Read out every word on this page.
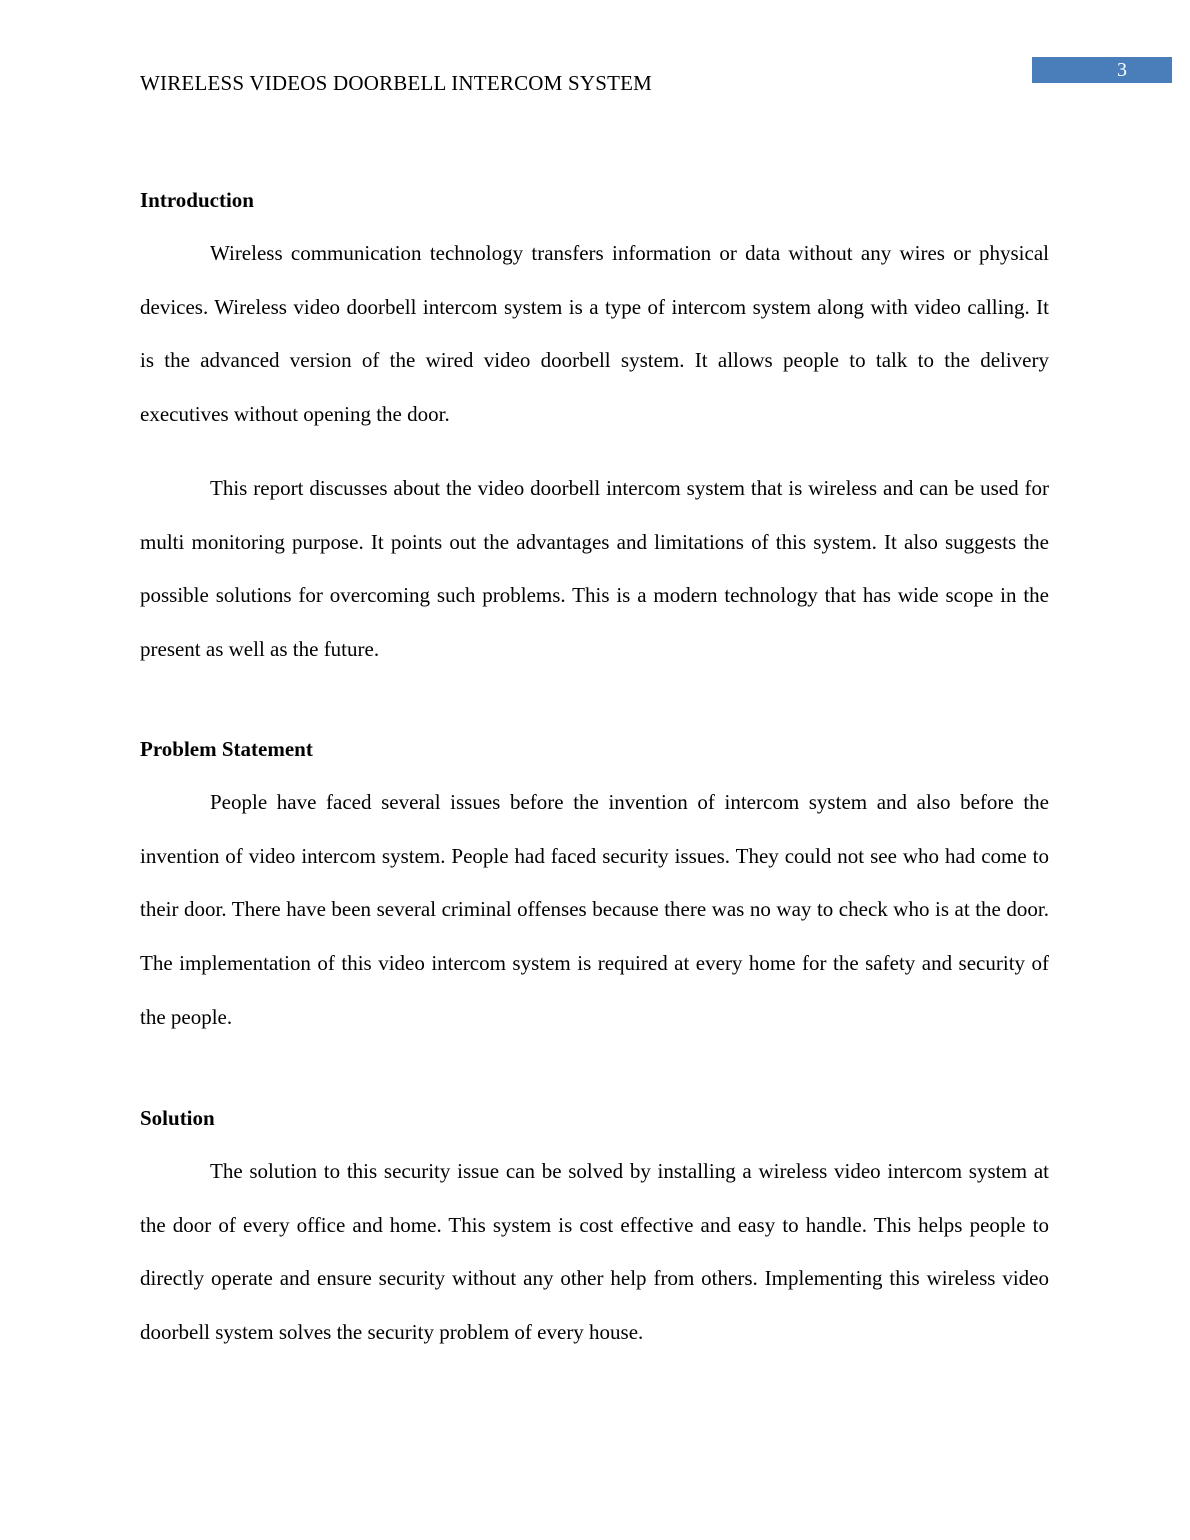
WIRELESS VIDEOS DOORBELL INTERCOM SYSTEM
3

Introduction

Wireless communication technology transfers information or data without any wires or physical devices. Wireless video doorbell intercom system is a type of intercom system along with video calling. It is the advanced version of the wired video doorbell system. It allows people to talk to the delivery executives without opening the door.

This report discusses about the video doorbell intercom system that is wireless and can be used for multi monitoring purpose. It points out the advantages and limitations of this system. It also suggests the possible solutions for overcoming such problems. This is a modern technology that has wide scope in the present as well as the future.

Problem Statement

People have faced several issues before the invention of intercom system and also before the invention of video intercom system. People had faced security issues. They could not see who had come to their door. There have been several criminal offenses because there was no way to check who is at the door. The implementation of this video intercom system is required at every home for the safety and security of the people.

Solution

The solution to this security issue can be solved by installing a wireless video intercom system at the door of every office and home. This system is cost effective and easy to handle. This helps people to directly operate and ensure security without any other help from others. Implementing this wireless video doorbell system solves the security problem of every house.
